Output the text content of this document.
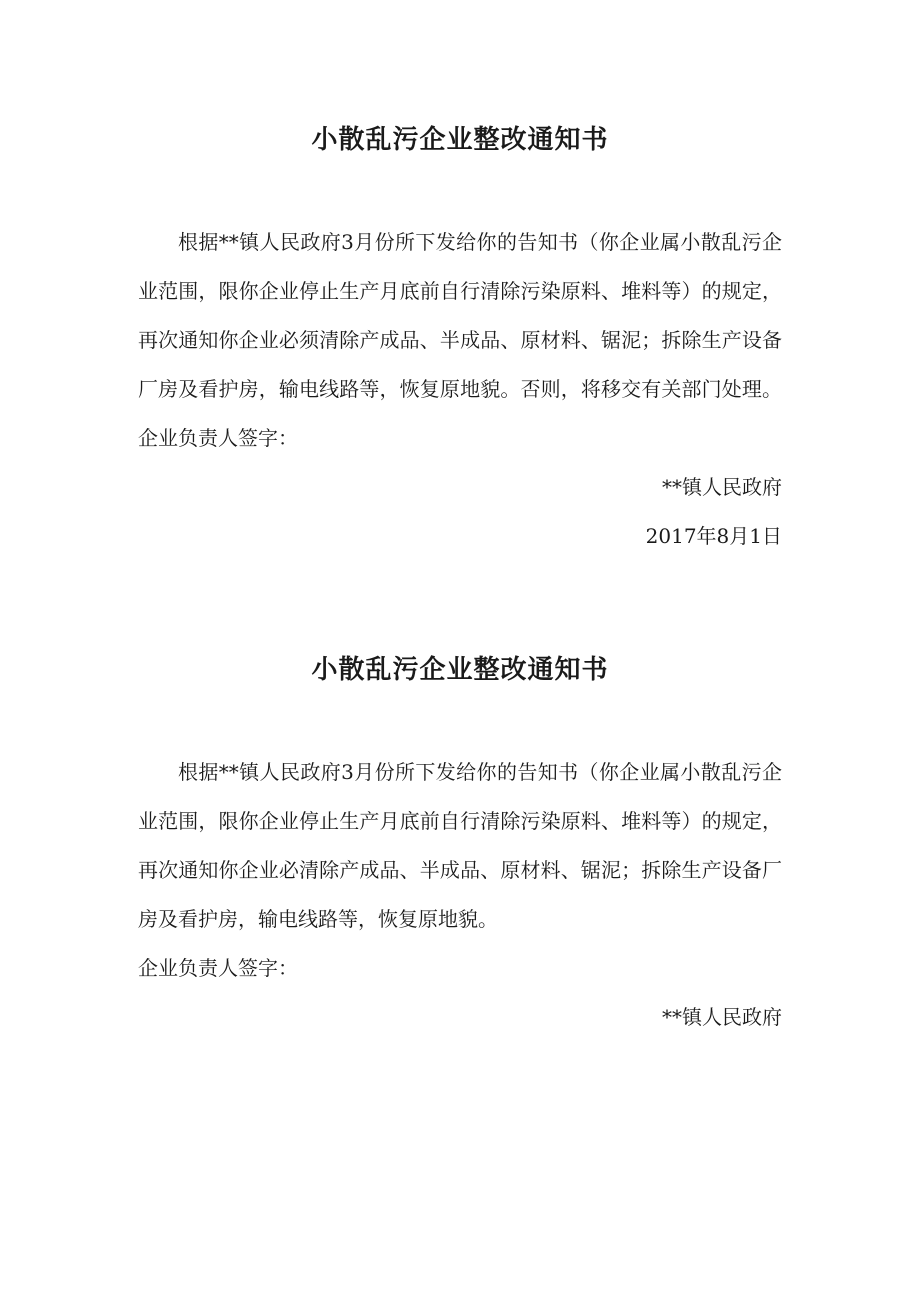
小散乱污企业整改通知书

根据**镇人民政府3月份所下发给你的告知书（你企业属小散乱污企业范围，限你企业停止生产月底前自行清除污染原料、堆料等）的规定，再次通知你企业必须清除产成品、半成品、原材料、锯泥；拆除生产设备厂房及看护房，输电线路等，恢复原地貌。否则，将移交有关部门处理。企业负责人签字：

**镇人民政府

2017年8月1日

小散乱污企业整改通知书

根据**镇人民政府3月份所下发给你的告知书（你企业属小散乱污企业范围，限你企业停止生产月底前自行清除污染原料、堆料等）的规定，再次通知你企业必清除产成品、半成品、原材料、锯泥；拆除生产设备厂房及看护房，输电线路等，恢复原地貌。

企业负责人签字：

**镇人民政府
